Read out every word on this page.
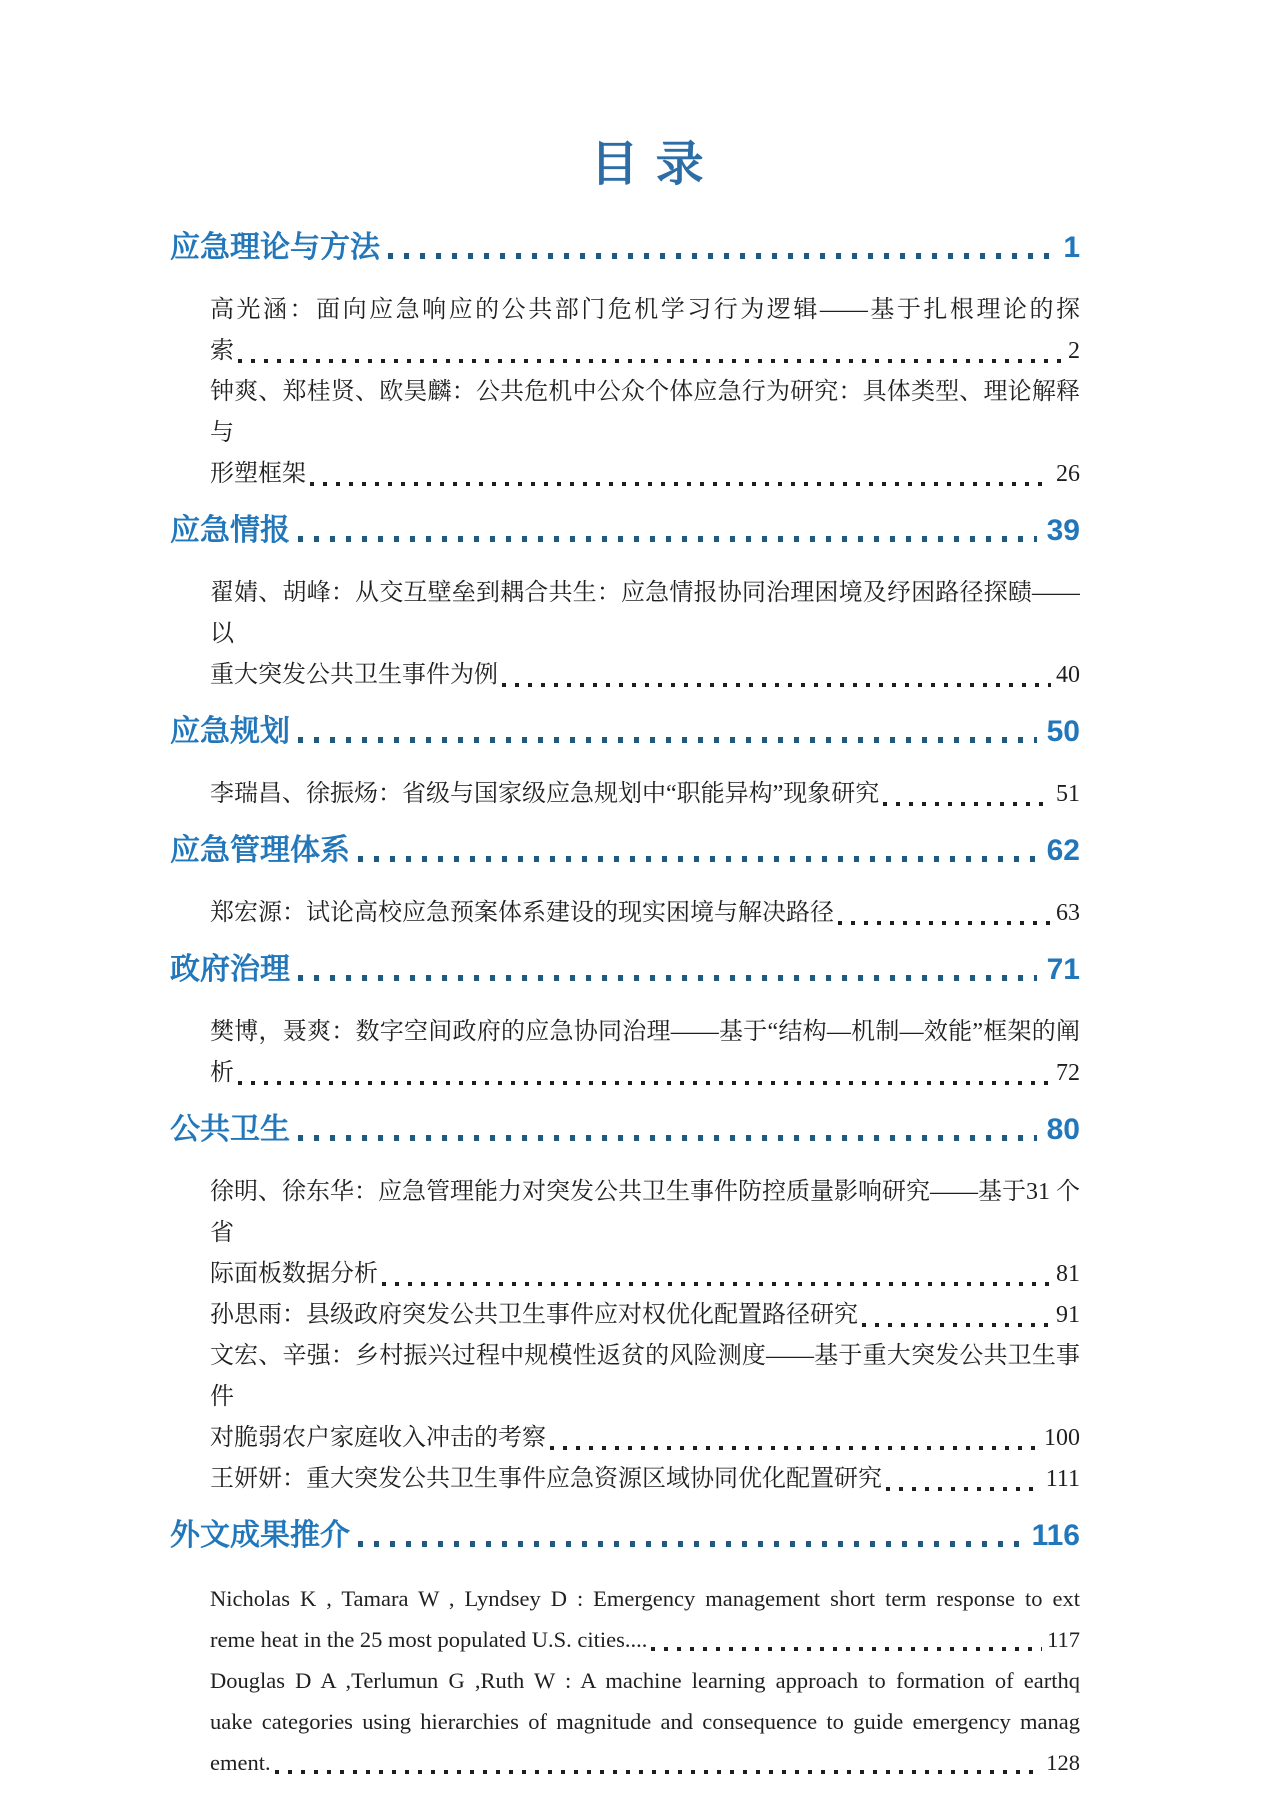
目 录
应急理论与方法	1
高光涵：面向应急响应的公共部门危机学习行为逻辑——基于扎根理论的探
索	2
钟爽、郑桂贤、欧昊麟：公共危机中公众个体应急行为研究：具体类型、理论解释与
形塑框架	26
应急情报	39
翟婧、胡峰：从交互壁垒到耦合共生：应急情报协同治理困境及纾困路径探赜——以
重大突发公共卫生事件为例	40
应急规划	50
李瑞昌、徐振炀：省级与国家级应急规划中“职能异构”现象研究	51
应急管理体系	62
郑宏源：试论高校应急预案体系建设的现实困境与解决路径	63
政府治理	71
樊博，聂爽：数字空间政府的应急协同治理——基于“结构—机制—效能”框架的阐
析	72
公共卫生	80
徐明、徐东华：应急管理能力对突发公共卫生事件防控质量影响研究——基于31 个省
际面板数据分析	81
孙思雨：县级政府突发公共卫生事件应对权优化配置路径研究	91
文宏、辛强：乡村振兴过程中规模性返贫的风险测度——基于重大突发公共卫生事件
对脆弱农户家庭收入冲击的考察	100
王妍妍：重大突发公共卫生事件应急资源区域协同优化配置研究	111
外文成果推介	116
Nicholas K , Tamara W , Lyndsey D : Emergency management short term response to ext
reme heat in the 25 most populated U.S. cities....	117
Douglas D A ,Terlumun G ,Ruth W : A machine learning approach to formation of earthq
uake categories using hierarchies of magnitude and consequence to guide emergency manag
ement.	128
